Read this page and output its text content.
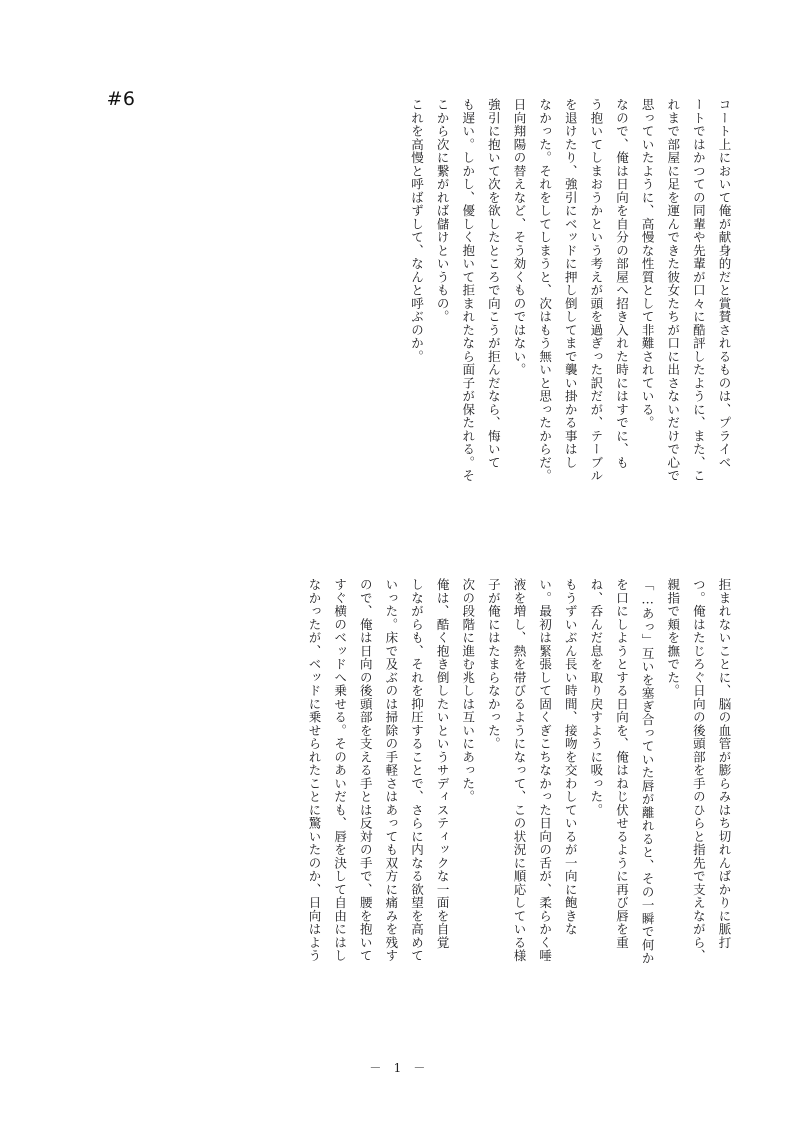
#6	コート上において俺が献身的だと賞賛されるものは、プライベ
ートではかつての同輩や先輩が口々に酷評したように、また、こ
れまで部屋に足を運んできた彼女たちが口に出さないだけで心で
思っていたように、高慢な性質として非難されている。
なので、俺は日向を自分の部屋へ招き入れた時にはすでに、も
う抱いてしまおうかという考えが頭を過ぎった訳だが、テーブル
を退けたり、強引にベッドに押し倒してまで襲い掛かる事はし
なかった。それをしてしまうと、次はもう無いと思ったからだ。
日向翔陽の替えなど、そう効くものではない。
強引に抱いて次を欲したところで向こうが拒んだなら、悔いて
も遅い。しかし、優しく抱いて拒まれたなら面子が保たれる。そ
こから次に繋がれば儲けというもの。
これを高慢と呼ばずして、なんと呼ぶのか。
拒まれないことに、脳の血管が膨らみはち切れんばかりに脈打
つ。俺はたじろぐ日向の後頭部を手のひらと指先で支えながら、
親指で頬を撫でた。
「…あっ」互いを塞ぎ合っていた唇が離れると、その一瞬で何か
を口にしようとする日向を、俺はねじ伏せるように再び唇を重
ね、呑んだ息を取り戻すように吸った。
もうずいぶん長い時間、接吻を交わしているが一向に飽きな
い。最初は緊張して固くぎこちなかった日向の舌が、柔らかく唾
液を増し、熱を帯びるようになって、この状況に順応している様
子が俺にはたまらなかった。
次の段階に進む兆しは互いにあった。
俺は、酷く抱き倒したいというサディスティックな一面を自覚
しながらも、それを抑圧することで、さらに内なる欲望を高めて
いった。床で及ぶのは掃除の手軽さはあっても双方に痛みを残す
ので、俺は日向の後頭部を支える手とは反対の手で、腰を抱いて
すぐ横のベッドへ乗せる。そのあいだも、唇を決して自由にはし
なかったが、ベッドに乗せられたことに驚いたのか、日向はよう
－ 1 －
